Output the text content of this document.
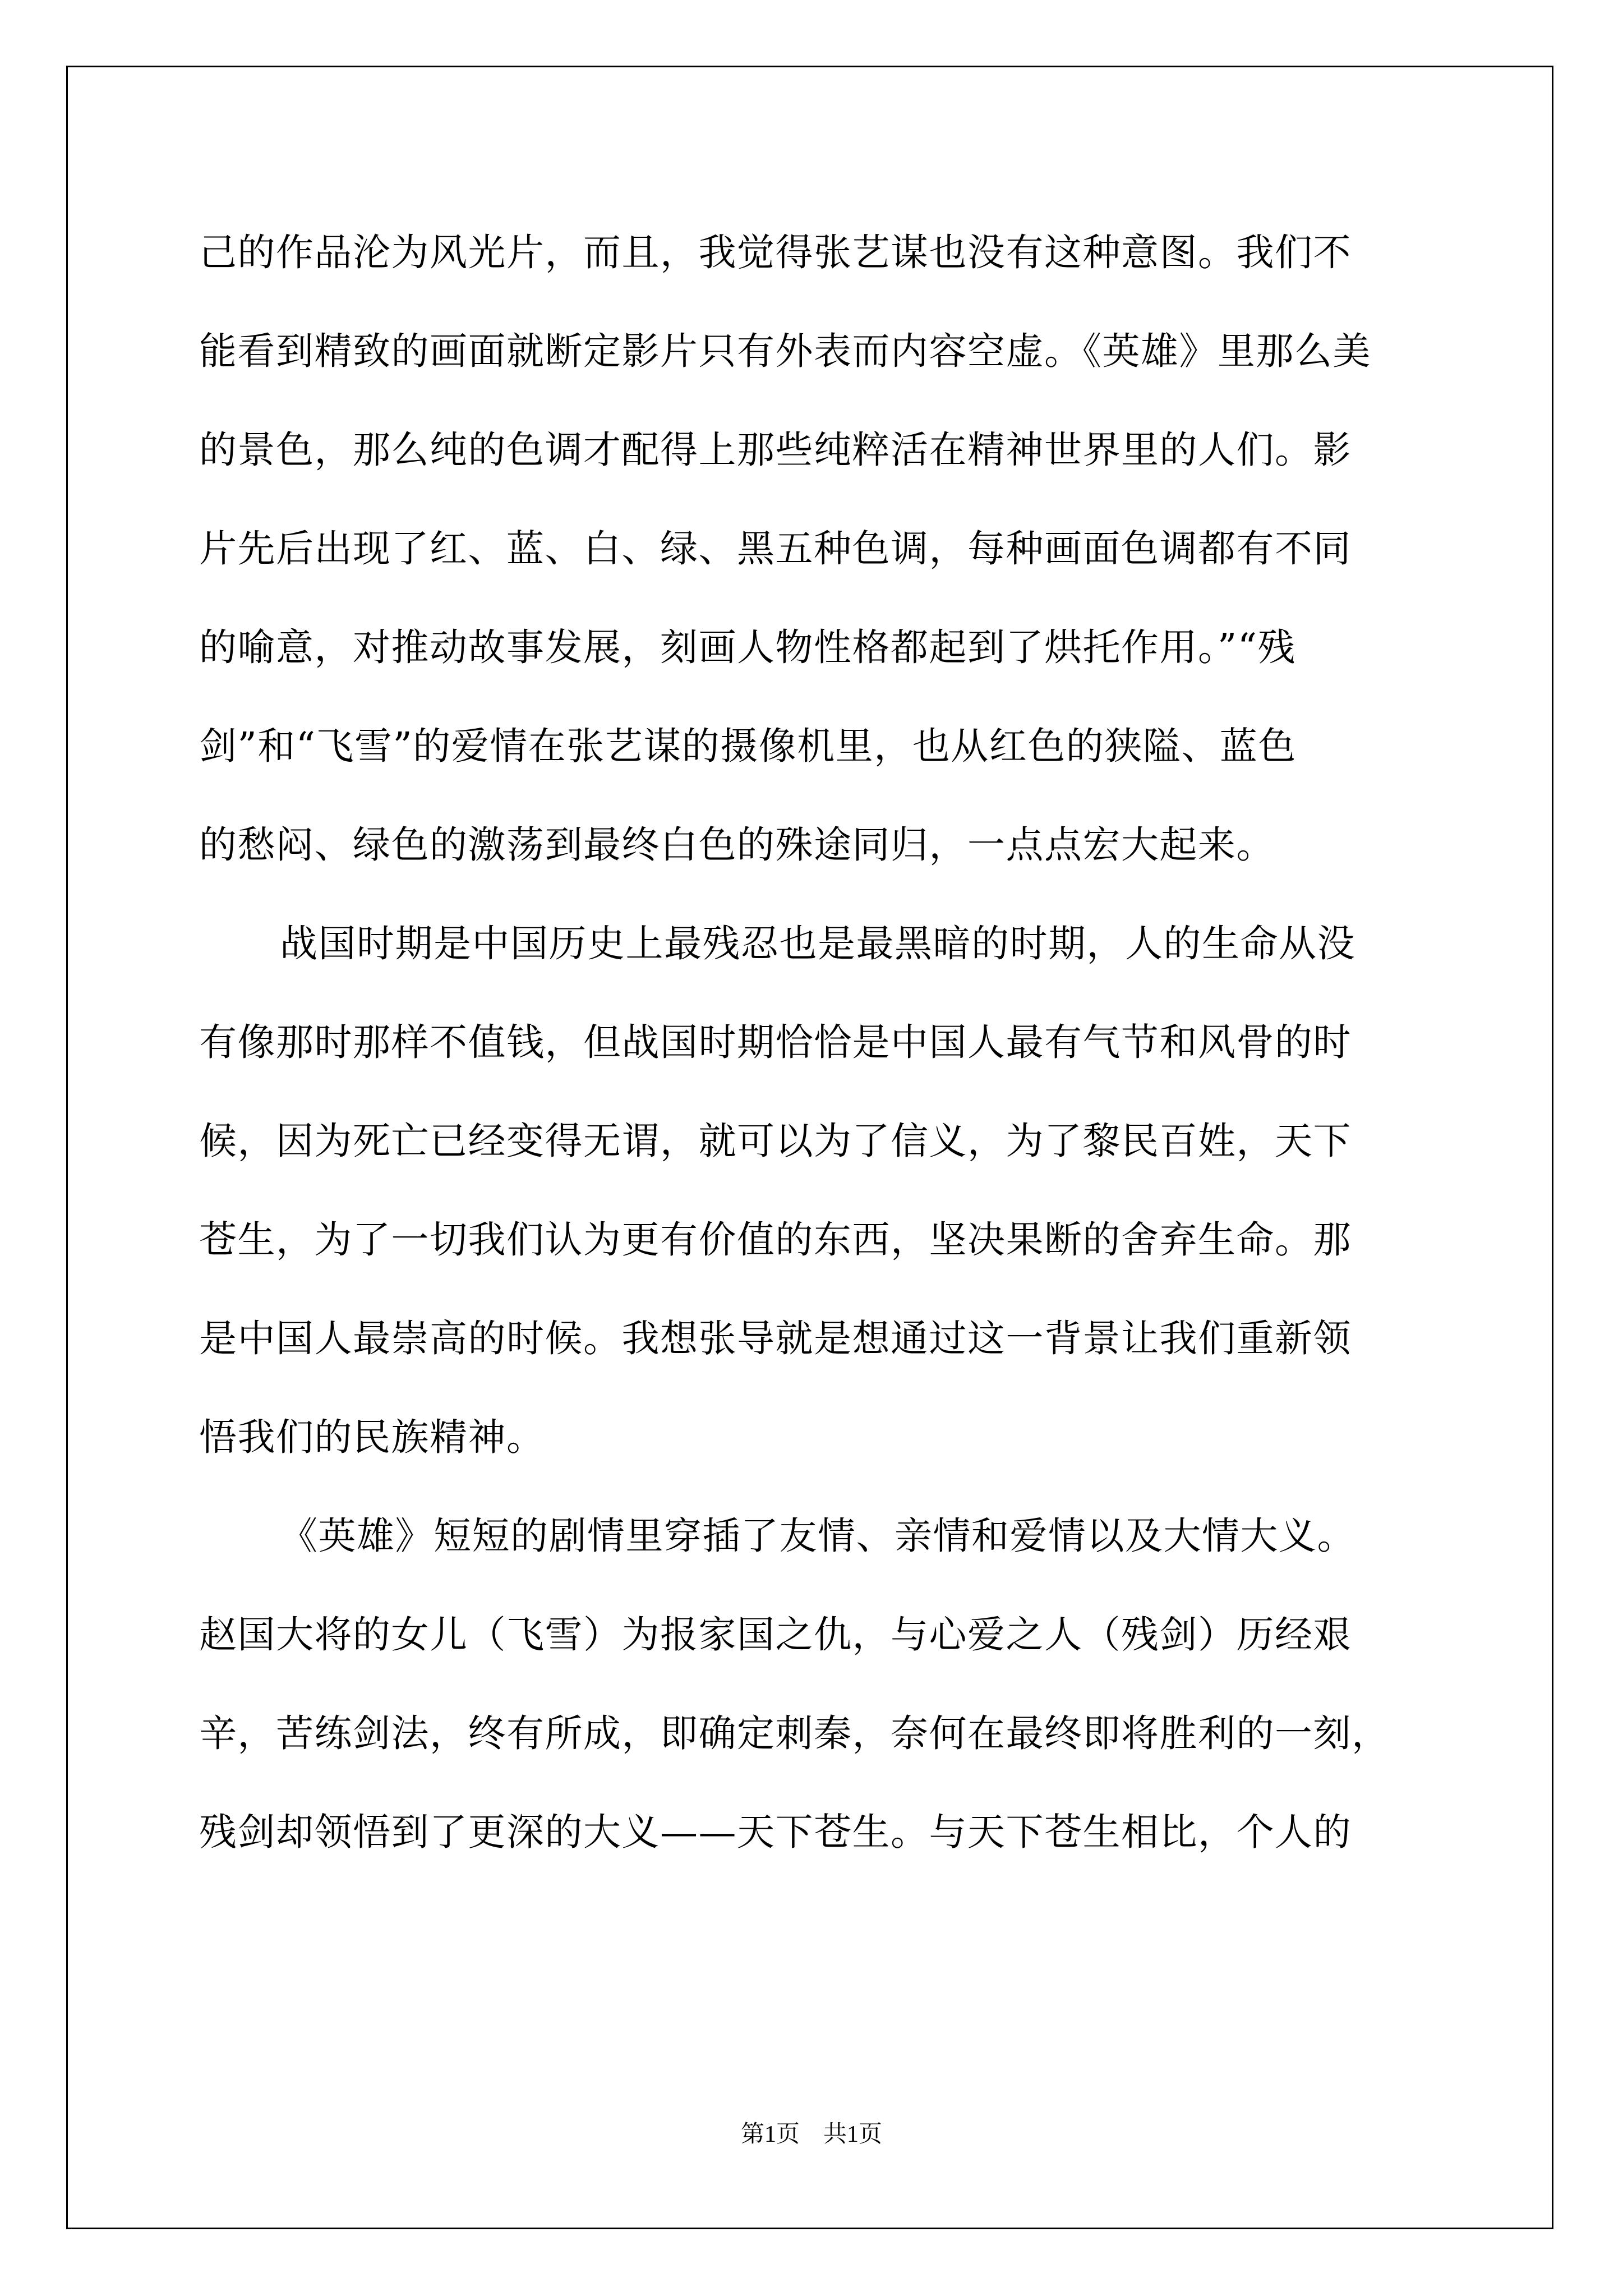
己的作品沦为风光片，而且，我觉得张艺谋也没有这种意图。我们不
能看到精致的画面就断定影片只有外表而内容空虚。《英雄》里那么美
的景色，那么纯的色调才配得上那些纯粹活在精神世界里的人们。影
片先后出现了红、蓝、白、绿、黑五种色调，每种画面色调都有不同
的喻意，对推动故事发展，刻画人物性格都起到了烘托作用。”“残
剑”和“飞雪”的爱情在张艺谋的摄像机里，也从红色的狭隘、蓝色
的愁闷、绿色的激荡到最终白色的殊途同归，一点点宏大起来。
战国时期是中国历史上最残忍也是最黑暗的时期，人的生命从没
有像那时那样不值钱，但战国时期恰恰是中国人最有气节和风骨的时
候，因为死亡已经变得无谓，就可以为了信义，为了黎民百姓，天下
苍生，为了一切我们认为更有价值的东西，坚决果断的舍弃生命。那
是中国人最崇高的时候。我想张导就是想通过这一背景让我们重新领
悟我们的民族精神。
《英雄》短短的剧情里穿插了友情、亲情和爱情以及大情大义。
赵国大将的女儿（飞雪）为报家国之仇，与心爱之人（残剑）历经艰
辛，苦练剑法，终有所成，即确定刺秦，奈何在最终即将胜利的一刻，
残剑却领悟到了更深的大义——天下苍生。与天下苍生相比，个人的
第1页 共1页
